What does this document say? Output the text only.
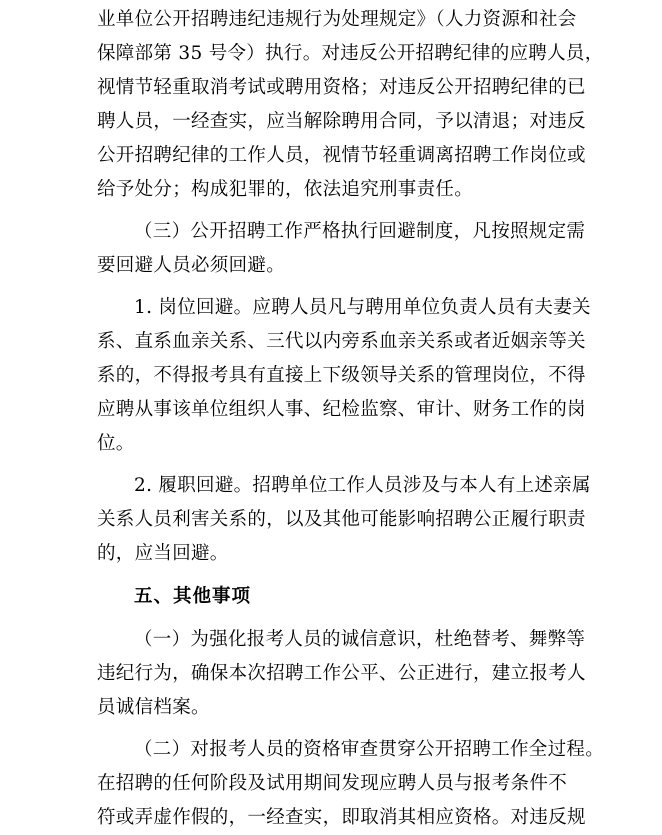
业单位公开招聘违纪违规行为处理规定》（人力资源和社会
保障部第 35 号令）执行。对违反公开招聘纪律的应聘人员，
视情节轻重取消考试或聘用资格；对违反公开招聘纪律的已
聘人员，一经查实，应当解除聘用合同，予以清退；对违反
公开招聘纪律的工作人员，视情节轻重调离招聘工作岗位或
给予处分；构成犯罪的，依法追究刑事责任。
（三）公开招聘工作严格执行回避制度，凡按照规定需
要回避人员必须回避。
1. 岗位回避。应聘人员凡与聘用单位负责人员有夫妻关
系、直系血亲关系、三代以内旁系血亲关系或者近姻亲等关
系的，不得报考具有直接上下级领导关系的管理岗位，不得
应聘从事该单位组织人事、纪检监察、审计、财务工作的岗
位。
2. 履职回避。招聘单位工作人员涉及与本人有上述亲属
关系人员利害关系的，以及其他可能影响招聘公正履行职责
的，应当回避。
五、其他事项
（一）为强化报考人员的诚信意识，杜绝替考、舞弊等
违纪行为，确保本次招聘工作公平、公正进行，建立报考人
员诚信档案。
（二）对报考人员的资格审查贯穿公开招聘工作全过程。
在招聘的任何阶段及试用期间发现应聘人员与报考条件不
符或弄虚作假的，一经查实，即取消其相应资格。对违反规
